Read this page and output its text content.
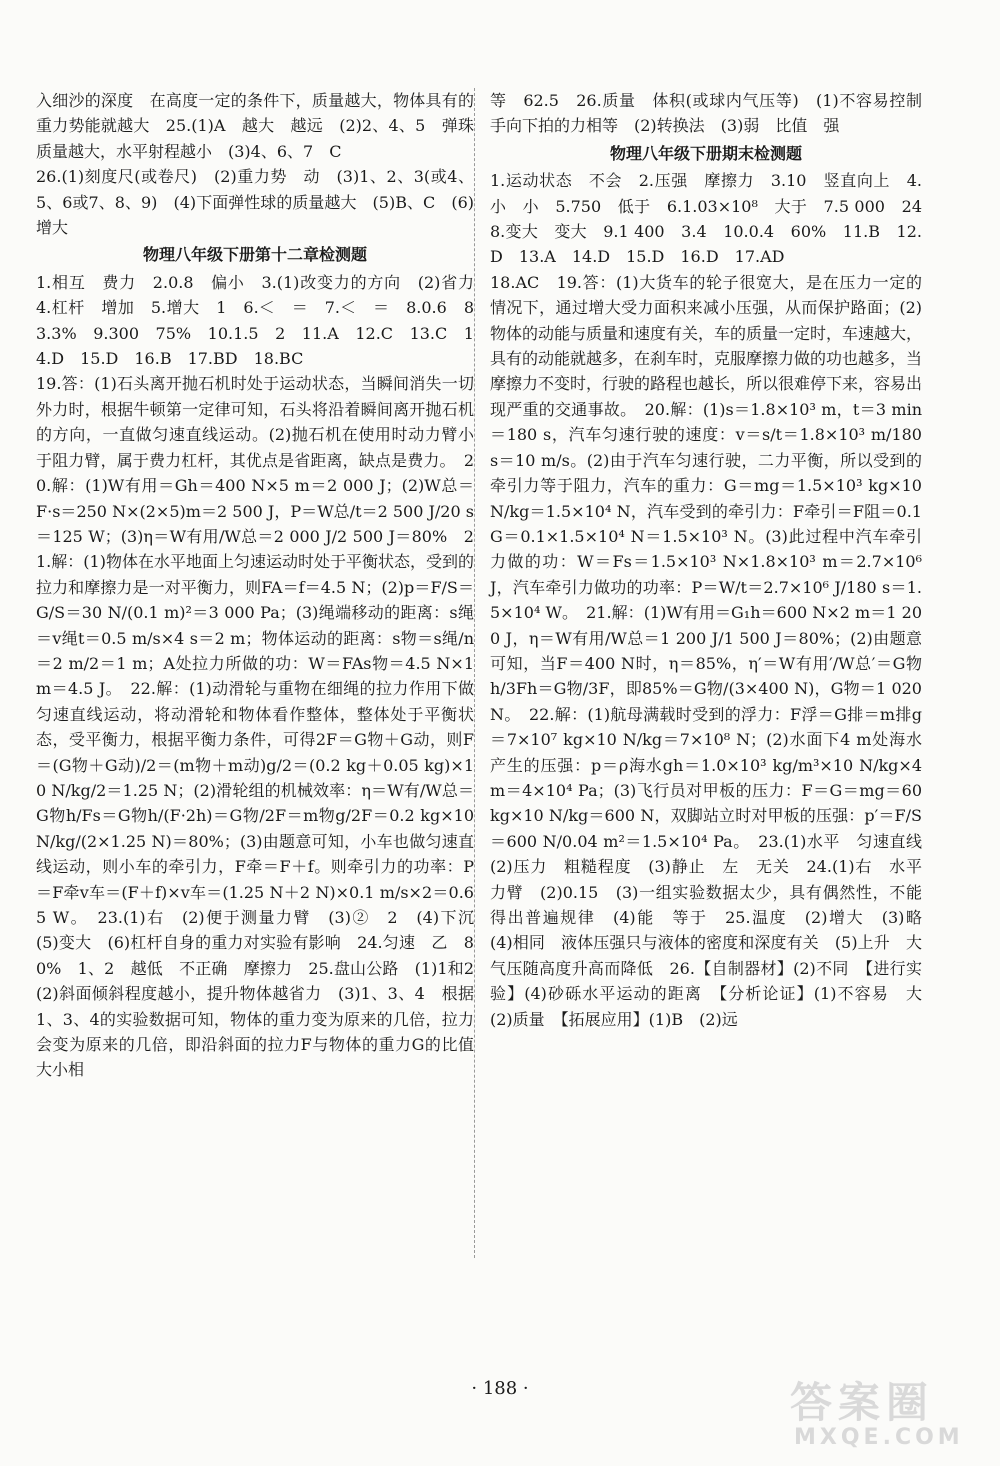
入细沙的深度　在高度一定的条件下，质量越大，物体具有的重力势能就越大　25.(1)A　越大　越远　(2)2、4、5　弹珠质量越大，水平射程越小　(3)4、6、7　C

26.(1)刻度尺(或卷尺)　(2)重力势　动　(3)1、2、3(或4、5、6或7、8、9)　(4)下面弹性球的质量越大　(5)B、C　(6)增大

物理八年级下册第十二章检测题

1.相互　费力　2.0.8　偏小　3.(1)改变力的方向　(2)省力　4.杠杆　增加　5.增大　1　6.＜　＝　7.＜　＝　8.0.6　83.3%　9.300　75%　10.1.5　2　11.A　12.C　13.C　14.D　15.D　16.B　17.BD　18.BC

19.答：(1)石头离开抛石机时处于运动状态，当瞬间消失一切外力时，根据牛顿第一定律可知，石头将沿着瞬间离开抛石机的方向，一直做匀速直线运动。(2)抛石机在使用时动力臂小于阻力臂，属于费力杠杆，其优点是省距离，缺点是费力。　20.解：(1)W有用＝Gh＝400 N×5 m＝2 000 J；(2)W总＝F·s＝250 N×(2×5)m＝2 500 J，P＝W总/t＝2 500 J/20 s＝125 W；(3)η＝W有用/W总＝2 000 J/2 500 J＝80%　21.解：(1)物体在水平地面上匀速运动时处于平衡状态，受到的拉力和摩擦力是一对平衡力，则FA＝f＝4.5 N；(2)p＝F/S＝G/S＝30 N/(0.1 m)²＝3 000 Pa；(3)绳端移动的距离：s绳＝v绳t＝0.5 m/s×4 s＝2 m；物体运动的距离：s物＝s绳/n＝2 m/2＝1 m；A处拉力所做的功：W＝FAs物＝4.5 N×1 m＝4.5 J。　22.解：(1)动滑轮与重物在细绳的拉力作用下做匀速直线运动，将动滑轮和物体看作整体，整体处于平衡状态，受平衡力，根据平衡力条件，可得2F＝G物＋G动，则F＝(G物＋G动)/2＝(m物＋m动)g/2＝(0.2 kg＋0.05 kg)×10 N/kg/2＝1.25 N；(2)滑轮组的机械效率：η＝W有/W总＝G物h/Fs＝G物h/(F·2h)＝G物/2F＝m物g/2F＝0.2 kg×10 N/kg/(2×1.25 N)＝80%；(3)由题意可知，小车也做匀速直线运动，则小车的牵引力，F牵＝F＋f。则牵引力的功率：P＝F牵v车＝(F＋f)×v车＝(1.25 N＋2 N)×0.1 m/s×2＝0.65 W。　23.(1)右　(2)便于测量力臂　(3)②　2　(4)下沉　(5)变大　(6)杠杆自身的重力对实验有影响　24.匀速　乙　80%　1、2　越低　不正确　摩擦力　25.盘山公路　(1)1和2　(2)斜面倾斜程度越小，提升物体越省力　(3)1、3、4　根据1、3、4的实验数据可知，物体的重力变为原来的几倍，拉力会变为原来的几倍，即沿斜面的拉力F与物体的重力G的比值大小相

等　62.5　26.质量　体积(或球内气压等)　(1)不容易控制手向下拍的力相等　(2)转换法　(3)弱　比值　强

物理八年级下册期末检测题

1.运动状态　不会　2.压强　摩擦力　3.10　竖直向上　4.小　小　5.750　低于　6.1.03×10⁸　大于　7.5 000　24　8.变大　变大　9.1 400　3.4　10.0.4　60%　11.B　12.D　13.A　14.D　15.D　16.D　17.AD

18.AC　19.答：(1)大货车的轮子很宽大，是在压力一定的情况下，通过增大受力面积来减小压强，从而保护路面；(2)物体的动能与质量和速度有关，车的质量一定时，车速越大，具有的动能就越多，在刹车时，克服摩擦力做的功也越多，当摩擦力不变时，行驶的路程也越长，所以很难停下来，容易出现严重的交通事故。　20.解：(1)s＝1.8×10³ m，t＝3 min＝180 s，汽车匀速行驶的速度：v＝s/t＝1.8×10³ m/180 s＝10 m/s。(2)由于汽车匀速行驶，二力平衡，所以受到的牵引力等于阻力，汽车的重力：G＝mg＝1.5×10³ kg×10 N/kg＝1.5×10⁴ N，汽车受到的牵引力：F牵引＝F阻＝0.1G＝0.1×1.5×10⁴ N＝1.5×10³ N。(3)此过程中汽车牵引力做的功：W＝Fs＝1.5×10³ N×1.8×10³ m＝2.7×10⁶ J，汽车牵引力做功的功率：P＝W/t＝2.7×10⁶ J/180 s＝1.5×10⁴ W。　21.解：(1)W有用＝G₁h＝600 N×2 m＝1 200 J，η＝W有用/W总＝1 200 J/1 500 J＝80%；(2)由题意可知，当F＝400 N时，η＝85%，η′＝W有用′/W总′＝G物h/3Fh＝G物/3F，即85%＝G物/(3×400 N)，G物＝1 020 N。　22.解：(1)航母满载时受到的浮力：F浮＝G排＝m排g＝7×10⁷ kg×10 N/kg＝7×10⁸ N；(2)水面下4 m处海水产生的压强：p＝ρ海水gh＝1.0×10³ kg/m³×10 N/kg×4 m＝4×10⁴ Pa；(3)飞行员对甲板的压力：F＝G＝mg＝60 kg×10 N/kg＝600 N，双脚站立时对甲板的压强：p′＝F/S＝600 N/0.04 m²＝1.5×10⁴ Pa。　23.(1)水平　匀速直线　(2)压力　粗糙程度　(3)静止　左　无关　24.(1)右　水平　力臂　(2)0.15　(3)一组实验数据太少，具有偶然性，不能得出普遍规律　(4)能　等于　25.温度　(2)增大　(3)略　(4)相同　液体压强只与液体的密度和深度有关　(5)上升　大气压随高度升高而降低　26.【自制器材】(2)不同　【进行实验】(4)砂砾水平运动的距离　【分析论证】(1)不容易　大　(2)质量　【拓展应用】(1)B　(2)远

· 188 ·	答案圈
MXQE.COM
